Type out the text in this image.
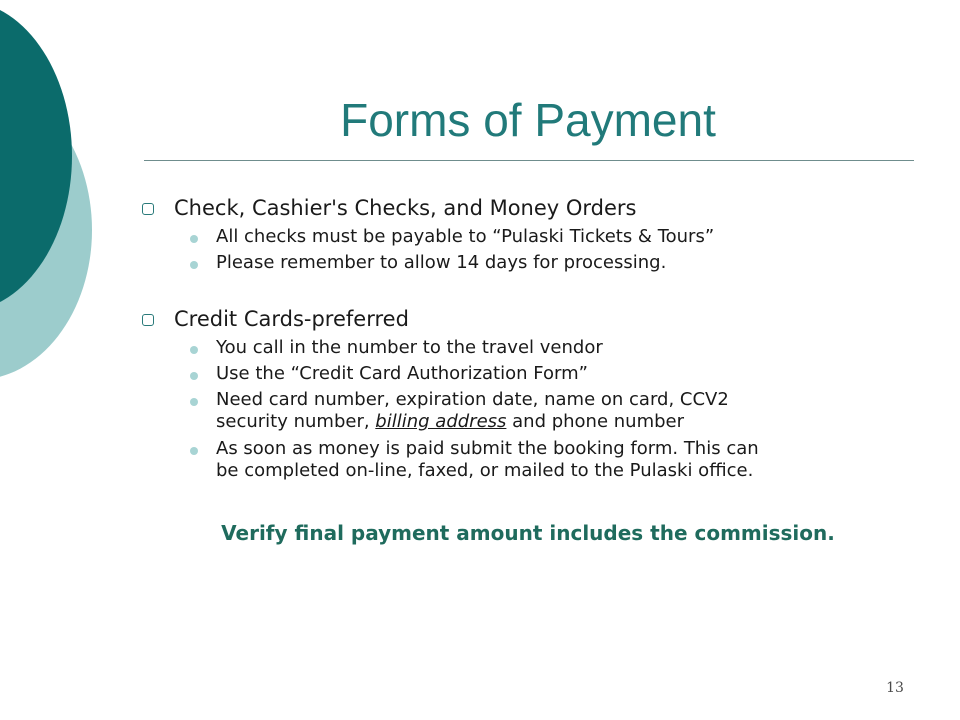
Forms of Payment
Check, Cashier's Checks, and Money Orders
All checks must be payable to “Pulaski Tickets & Tours”
Please remember to allow 14 days for processing.
Credit Cards-preferred
You call in the number to the travel vendor
Use the “Credit Card Authorization Form”
Need card number, expiration date, name on card, CCV2
security number, billing address and phone number
As soon as money is paid submit the booking form. This can
be completed on-line, faxed, or mailed to the Pulaski office.
Verify final payment amount includes the commission.
13
